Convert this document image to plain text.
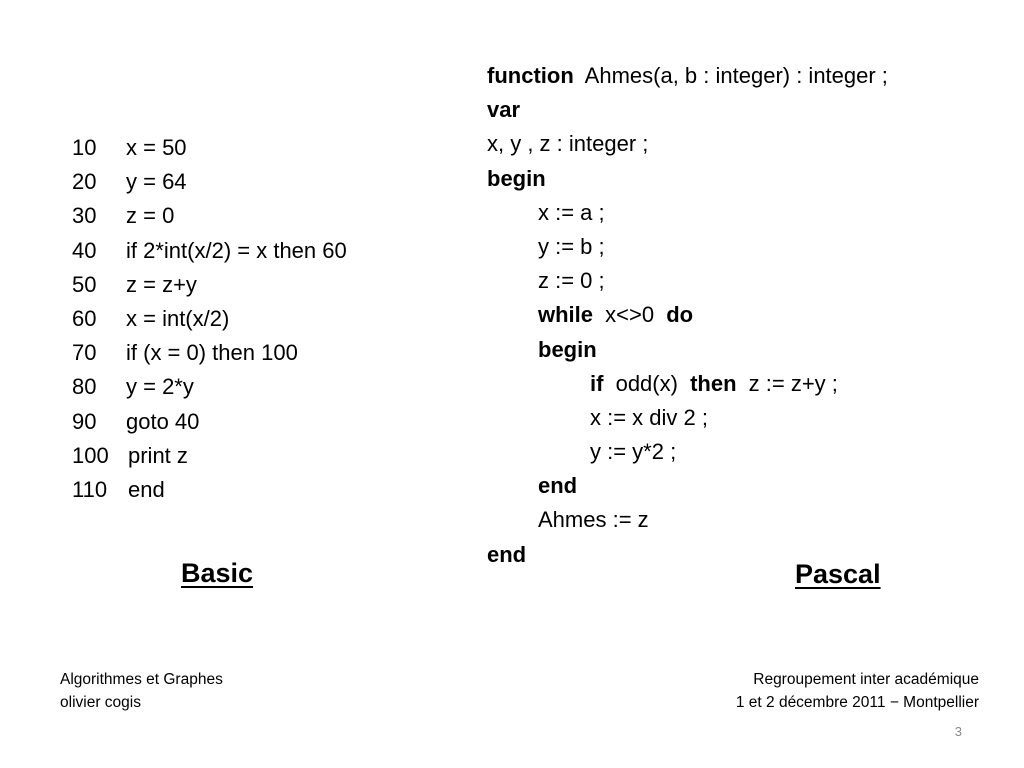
10 x = 50
20 y = 64
30 z = 0
40 if 2*int(x/2) = x then 60
50 z = z+y
60 x = int(x/2)
70 if (x = 0) then 100
80 y = 2*y
90 goto 40
100 print z
110 end
function Ahmes(a, b : integer) : integer ;
var
x, y , z : integer ;
begin
x := a ;
y := b ;
z := 0 ;
while x<>0 do
begin
if odd(x) then z := z+y ;
x := x div 2 ;
y := y*2 ;
end
Ahmes := z
end
Basic	Pascal
Algorithmes et Graphes
olivier cogis
Regroupement inter académique
1 et 2 décembre 2011 − Montpellier
3
